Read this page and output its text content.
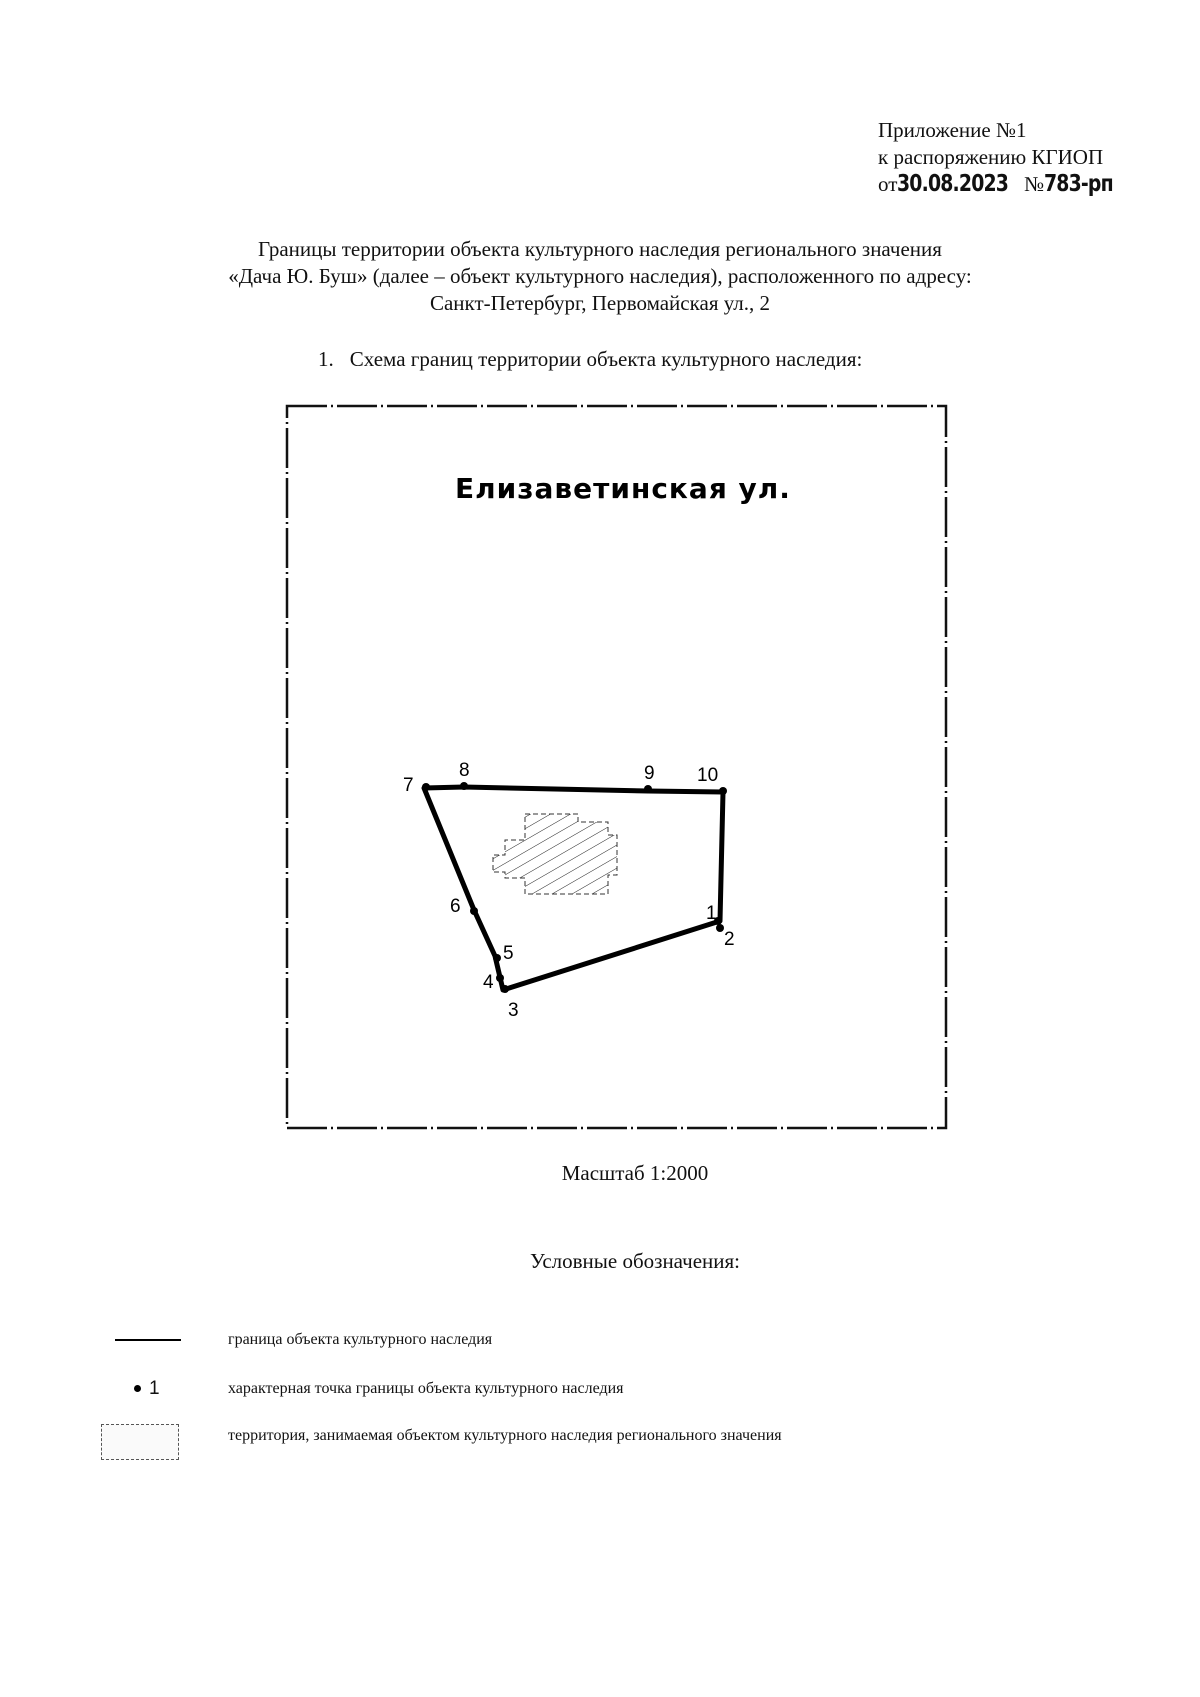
Приложение №1
к распоряжению КГИОП
от30.08.2023 №783-рп
Границы территории объекта культурного наследия регионального значения
«Дача Ю. Буш» (далее – объект культурного наследия), расположенного по адресу:
Санкт-Петербург, Первомайская ул., 2
1. Схема границ территории объекта культурного наследия:
Елизаветинская ул.
1
2
3
4
5
6
7
8	9 10
Масштаб 1:2000
Условные обозначения:
граница объекта культурного наследия
1	характерная точка границы объекта культурного наследия
территория, занимаемая объектом культурного наследия регионального значения
